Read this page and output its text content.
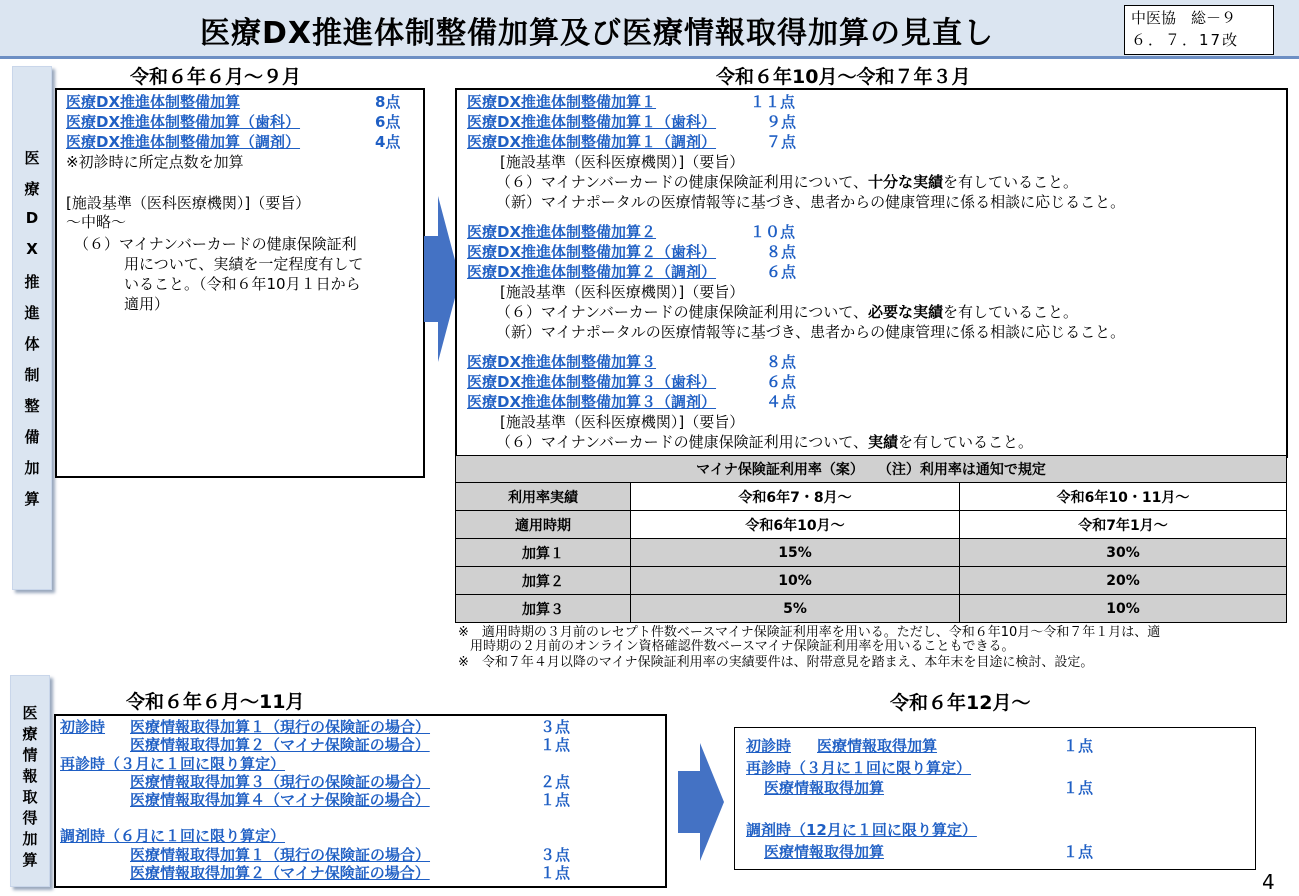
医療DX推進体制整備加算及び医療情報取得加算の見直し	中医協　総－９
６．７．17改
医
療
D
X
推
進
体
制
整
備
加
算
令和６年６月～９月
医療DX推進体制整備加算	8点
医療DX推進体制整備加算（歯科）	6点
医療DX推進体制整備加算（調剤）	4点
※初診時に所定点数を加算
[施設基準（医科医療機関）]（要旨）
～中略～
（６）マイナンバーカードの健康保険証利
用について、実績を一定程度有して
いること。（令和６年10月１日から
適用）
令和６年10月～令和７年３月
医療DX推進体制整備加算１	１１点
医療DX推進体制整備加算１（歯科）	９点
医療DX推進体制整備加算１（調剤）	７点
[施設基準（医科医療機関）]（要旨）
（６）マイナンバーカードの健康保険証利用について、十分な実績を有していること。
（新）マイナポータルの医療情報等に基づき、患者からの健康管理に係る相談に応じること。
医療DX推進体制整備加算２	１０点
医療DX推進体制整備加算２（歯科）	８点
医療DX推進体制整備加算２（調剤）	６点
[施設基準（医科医療機関）]（要旨）
（６）マイナンバーカードの健康保険証利用について、必要な実績を有していること。
（新）マイナポータルの医療情報等に基づき、患者からの健康管理に係る相談に応じること。
医療DX推進体制整備加算３	８点
医療DX推進体制整備加算３（歯科）	６点
医療DX推進体制整備加算３（調剤）	４点
[施設基準（医科医療機関）]（要旨）
（６）マイナンバーカードの健康保険証利用について、実績を有していること。
マイナ保険証利用率（案）　　（注）利用率は通知で規定		
利用率実績	令和6年7・8月～	令和6年10・11月～
適用時期	令和6年10月～	令和7年1月～
加算１	15%	30%
加算２	10%	20%
加算３	5%	10%
※　適用時期の３月前のレセプト件数ベースマイナ保険証利用率を用いる。ただし、令和６年10月～令和７年１月は、適
用時期の２月前のオンライン資格確認件数ベースマイナ保険証利用率を用いることもできる。
※　令和７年４月以降のマイナ保険証利用率の実績要件は、附帯意見を踏まえ、本年末を目途に検討、設定。
医
療
情
報
取
得
加
算
令和６年６月～11月
初診時 医療情報取得加算１（現行の保険証の場合）	３点
医療情報取得加算２（マイナ保険証の場合）	１点
再診時（３月に１回に限り算定）
医療情報取得加算３（現行の保険証の場合）	２点
医療情報取得加算４（マイナ保険証の場合）	１点
調剤時（６月に１回に限り算定）
医療情報取得加算１（現行の保険証の場合）	３点
医療情報取得加算２（マイナ保険証の場合）	１点
令和６年12月～
初診時 医療情報取得加算	１点
再診時（３月に１回に限り算定）
医療情報取得加算	１点
調剤時（12月に１回に限り算定）
医療情報取得加算	１点
4
